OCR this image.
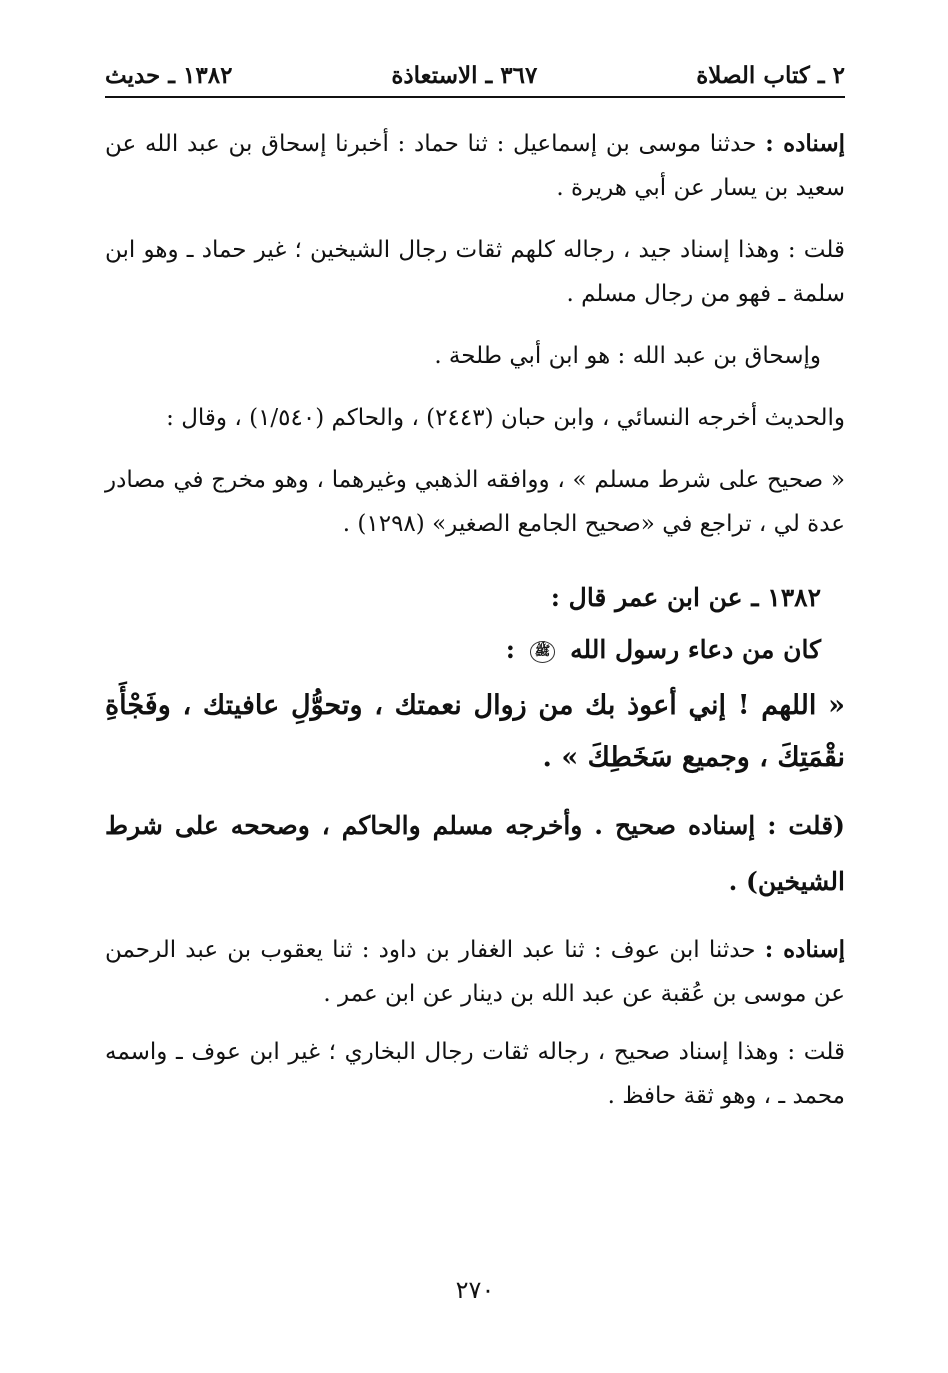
٢ ـ كتاب الصلاة
٣٦٧ ـ الاستعاذة
١٣٨٢ ـ حديث

إسناده : حدثنا موسى بن إسماعيل : ثنا حماد : أخبرنا إسحاق بن عبد الله عن سعيد بن يسار عن أبي هريرة .

قلت : وهذا إسناد جيد ، رجاله كلهم ثقات رجال الشيخين ؛ غير حماد ـ وهو ابن سلمة ـ فهو من رجال مسلم .

وإسحاق بن عبد الله : هو ابن أبي طلحة .

والحديث أخرجه النسائي ، وابن حبان (٢٤٤٣) ، والحاكم (١/٥٤٠) ، وقال :

« صحيح على شرط مسلم » ، ووافقه الذهبي وغيرهما ، وهو مخرج في مصادر عدة لي ، تراجع في «صحيح الجامع الصغير» (١٢٩٨) .

١٣٨٢ ـ عن ابن عمر قال :
كان من دعاء رسول الله ﷺ :
« اللهم ! إني أعوذ بك من زوال نعمتك ، وتحوُّلِ عافيتك ، وفَجْأَةِ نقْمَتِكَ ، وجميع سَخَطِكَ » .
(قلت : إسناده صحيح . وأخرجه مسلم والحاكم ، وصححه على شرط الشيخين) .

إسناده : حدثنا ابن عوف : ثنا عبد الغفار بن داود : ثنا يعقوب بن عبد الرحمن عن موسى بن عُقبة عن عبد الله بن دينار عن ابن عمر .

قلت : وهذا إسناد صحيح ، رجاله ثقات رجال البخاري ؛ غير ابن عوف ـ واسمه محمد ـ ، وهو ثقة حافظ .

٢٧٠
